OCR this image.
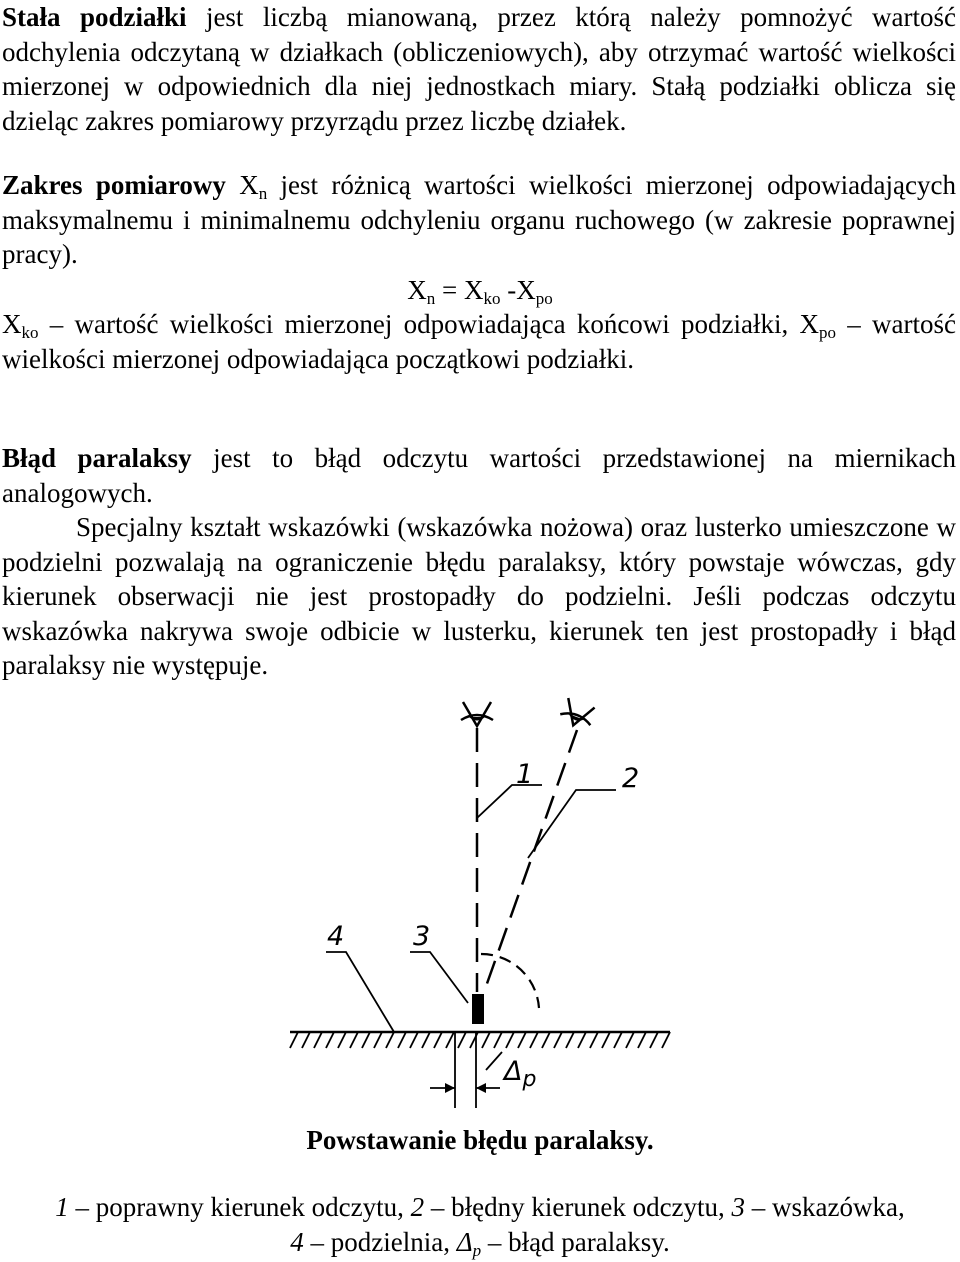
Stała podziałki jest liczbą mianowaną, przez którą należy pomnożyć wartość odchylenia odczytaną w działkach (obliczeniowych), aby otrzymać wartość wielkości mierzonej w odpowiednich dla niej jednostkach miary. Stałą podziałki oblicza się dzieląc zakres pomiarowy przyrządu przez liczbę działek.

Zakres pomiarowy $X_n$ jest różnicą wartości wielkości mierzonej odpowiadających maksymalnemu i minimalnemu odchyleniu organu ruchowego (w zakresie poprawnej pracy).

$X_n = X_{ko}$ $-X_{po}$

$X_{ko}$ – wartość wielkości mierzonej odpowiadająca końcowi podziałki, $X_{po}$ – wartość wielkości mierzonej odpowiadająca początkowi podziałki.

Błąd paralaksy jest to błąd odczytu wartości przedstawionej na miernikach analogowych.

Specjalny kształt wskazówki (wskazówka nożowa) oraz lusterko umieszczone w podzielni pozwalają na ograniczenie błędu paralaksy, który powstaje wówczas, gdy kierunek obserwacji nie jest prostopadły do podzielni. Jeśli podczas odczytu wskazówka nakrywa swoje odbicie w lusterku, kierunek ten jest prostopadły i błąd paralaksy nie występuje.

1	2
3
4
$\Delta_p$

Powstawanie błędu paralaksy.

1 – poprawny kierunek odczytu, 2 – błędny kierunek odczytu, 3 – wskazówka,
4 – podzielnia, $\Delta_p$ – błąd paralaksy.
